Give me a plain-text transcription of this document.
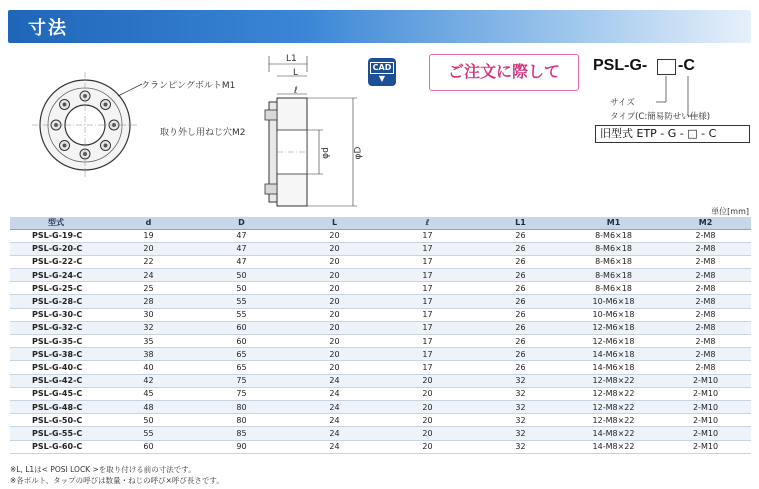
寸法
クランピングボルトM1
取り外し用ねじ穴M2
L1
L
ℓ
φd	φD
CAD
▼	ご注文に際して	PSL-G- -C
サイズ
タイプ(C:簡易防せい仕様)
旧型式 ETP - G - □ - C
単位[mm]
型式	d	D	L	ℓ	L1	M1	M2
PSL-G-19-C	19	47	20	17	26	8-M6×18	2-M8
PSL-G-20-C	20	47	20	17	26	8-M6×18	2-M8
PSL-G-22-C	22	47	20	17	26	8-M6×18	2-M8
PSL-G-24-C	24	50	20	17	26	8-M6×18	2-M8
PSL-G-25-C	25	50	20	17	26	8-M6×18	2-M8
PSL-G-28-C	28	55	20	17	26	10-M6×18	2-M8
PSL-G-30-C	30	55	20	17	26	10-M6×18	2-M8
PSL-G-32-C	32	60	20	17	26	12-M6×18	2-M8
PSL-G-35-C	35	60	20	17	26	12-M6×18	2-M8
PSL-G-38-C	38	65	20	17	26	14-M6×18	2-M8
PSL-G-40-C	40	65	20	17	26	14-M6×18	2-M8
PSL-G-42-C	42	75	24	20	32	12-M8×22	2-M10
PSL-G-45-C	45	75	24	20	32	12-M8×22	2-M10
PSL-G-48-C	48	80	24	20	32	12-M8×22	2-M10
PSL-G-50-C	50	80	24	20	32	12-M8×22	2-M10
PSL-G-55-C	55	85	24	20	32	14-M8×22	2-M10
PSL-G-60-C	60	90	24	20	32	14-M8×22	2-M10
※L, L1は< POSI LOCK >を取り付ける前の寸法です。
※各ボルト、タップの呼びは数量・ねじの呼び×呼び長さです。
